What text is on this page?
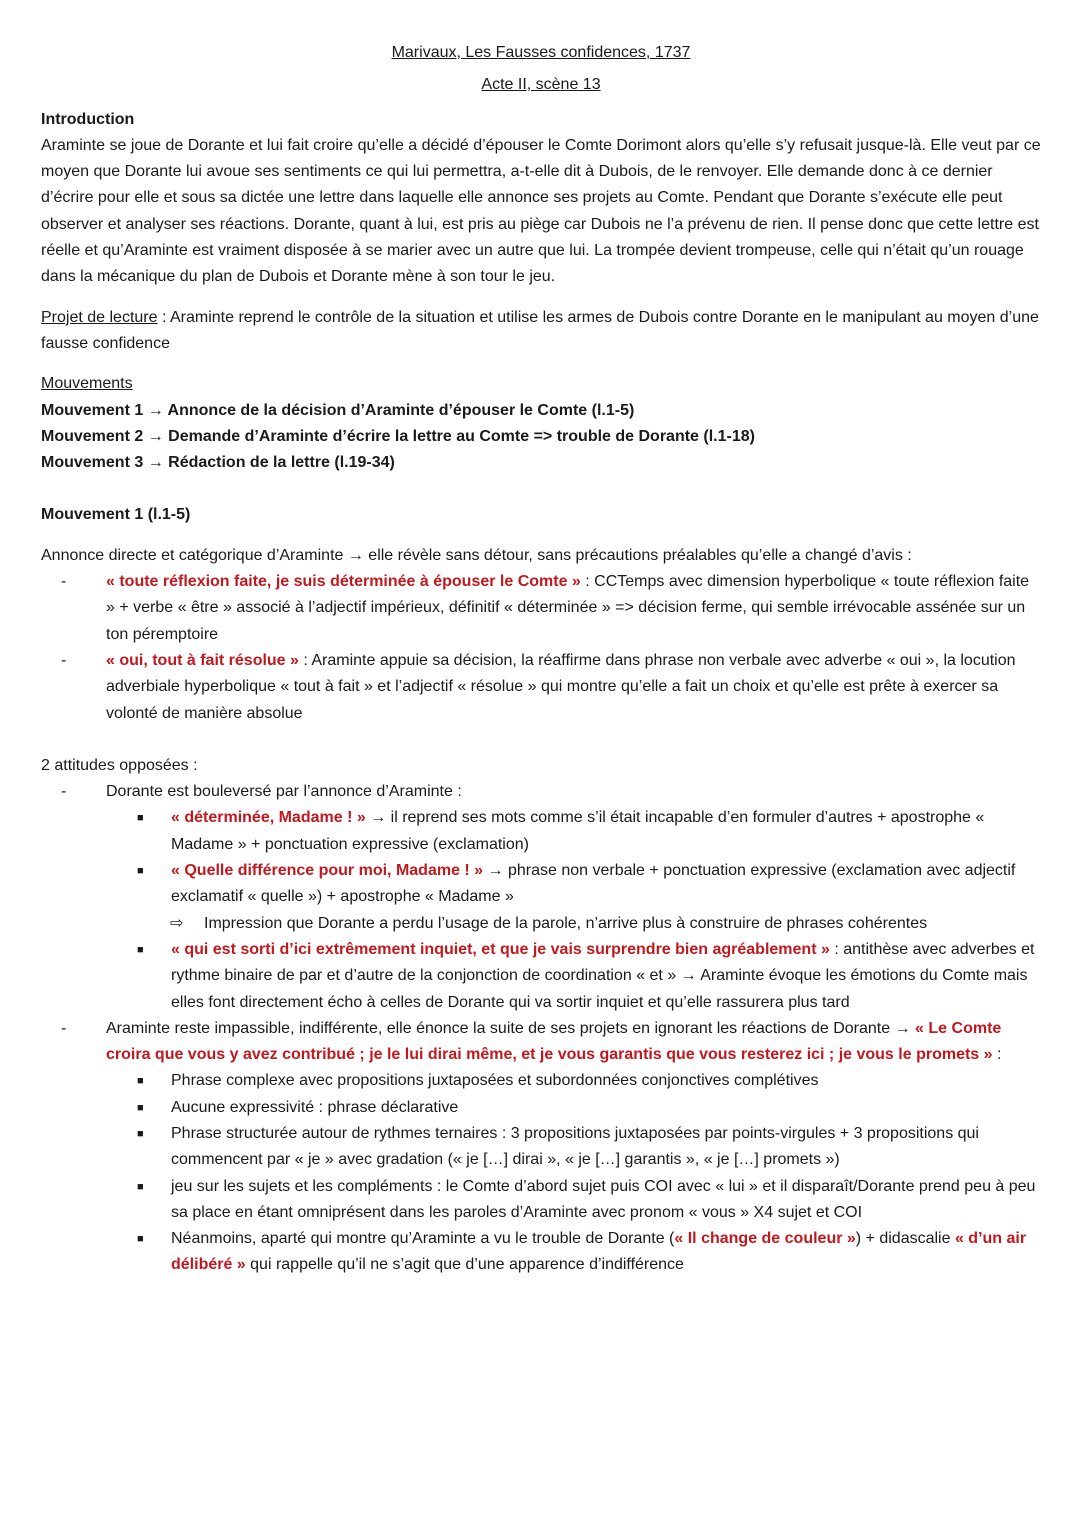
Marivaux, Les Fausses confidences, 1737

Acte II, scène 13

Introduction

Araminte se joue de Dorante et lui fait croire qu’elle a décidé d’épouser le Comte Dorimont alors qu’elle s’y refusait jusque-là. Elle veut par ce moyen que Dorante lui avoue ses sentiments ce qui lui permettra, a-t-elle dit à Dubois, de le renvoyer. Elle demande donc à ce dernier d’écrire pour elle et sous sa dictée une lettre dans laquelle elle annonce ses projets au Comte. Pendant que Dorante s’exécute elle peut observer et analyser ses réactions. Dorante, quant à lui, est pris au piège car Dubois ne l’a prévenu de rien. Il pense donc que cette lettre est réelle et qu’Araminte est vraiment disposée à se marier avec un autre que lui. La trompée devient trompeuse, celle qui n’était qu’un rouage dans la mécanique du plan de Dubois et Dorante mène à son tour le jeu.

Projet de lecture : Araminte reprend le contrôle de la situation et utilise les armes de Dubois contre Dorante en le manipulant au moyen d’une fausse confidence

Mouvements

Mouvement 1 → Annonce de la décision d’Araminte d’épouser le Comte (l.1-5)

Mouvement 2 → Demande d’Araminte d’écrire la lettre au Comte => trouble de Dorante (l.1-18)

Mouvement 3 → Rédaction de la lettre (l.19-34)

Mouvement 1 (l.1-5)

Annonce directe et catégorique d’Araminte → elle révèle sans détour, sans précautions préalables qu’elle a changé d’avis :

- « toute réflexion faite, je suis déterminée à épouser le Comte » : CCTemps avec dimension hyperbolique « toute réflexion faite » + verbe « être » associé à l’adjectif impérieux, définitif « déterminée » => décision ferme, qui semble irrévocable assénée sur un ton péremptoire
- « oui, tout à fait résolue » : Araminte appuie sa décision, la réaffirme dans phrase non verbale avec adverbe « oui », la locution adverbiale hyperbolique « tout à fait » et l’adjectif « résolue » qui montre qu’elle a fait un choix et qu’elle est prête à exercer sa volonté de manière absolue

2 attitudes opposées :

- Dorante est bouleversé par l’annonce d’Araminte :
■ « déterminée, Madame ! » → il reprend ses mots comme s’il était incapable d’en formuler d’autres + apostrophe « Madame » + ponctuation expressive (exclamation)
■ « Quelle différence pour moi, Madame ! » → phrase non verbale + ponctuation expressive (exclamation avec adjectif exclamatif « quelle ») + apostrophe « Madame »
⇨ Impression que Dorante a perdu l’usage de la parole, n’arrive plus à construire de phrases cohérentes
■ « qui est sorti d’ici extrêmement inquiet, et que je vais surprendre bien agréablement » : antithèse avec adverbes et rythme binaire de par et d’autre de la conjonction de coordination « et » → Araminte évoque les émotions du Comte mais elles font directement écho à celles de Dorante qui va sortir inquiet et qu’elle rassurera plus tard
- Araminte reste impassible, indifférente, elle énonce la suite de ses projets en ignorant les réactions de Dorante → « Le Comte croira que vous y avez contribué ; je le lui dirai même, et je vous garantis que vous resterez ici ; je vous le promets » :
■ Phrase complexe avec propositions juxtaposées et subordonnées conjonctives complétives
■ Aucune expressivité : phrase déclarative
■ Phrase structurée autour de rythmes ternaires : 3 propositions juxtaposées par points-virgules + 3 propositions qui commencent par « je » avec gradation (« je […] dirai », « je […] garantis », « je […] promets »)
■ jeu sur les sujets et les compléments : le Comte d’abord sujet puis COI avec « lui » et il disparaît/Dorante prend peu à peu sa place en étant omniprésent dans les paroles d’Araminte avec pronom « vous » X4 sujet et COI
■ Néanmoins, aparté qui montre qu’Araminte a vu le trouble de Dorante (« Il change de couleur ») + didascalie « d’un air délibéré » qui rappelle qu’il ne s’agit que d’une apparence d’indifférence
